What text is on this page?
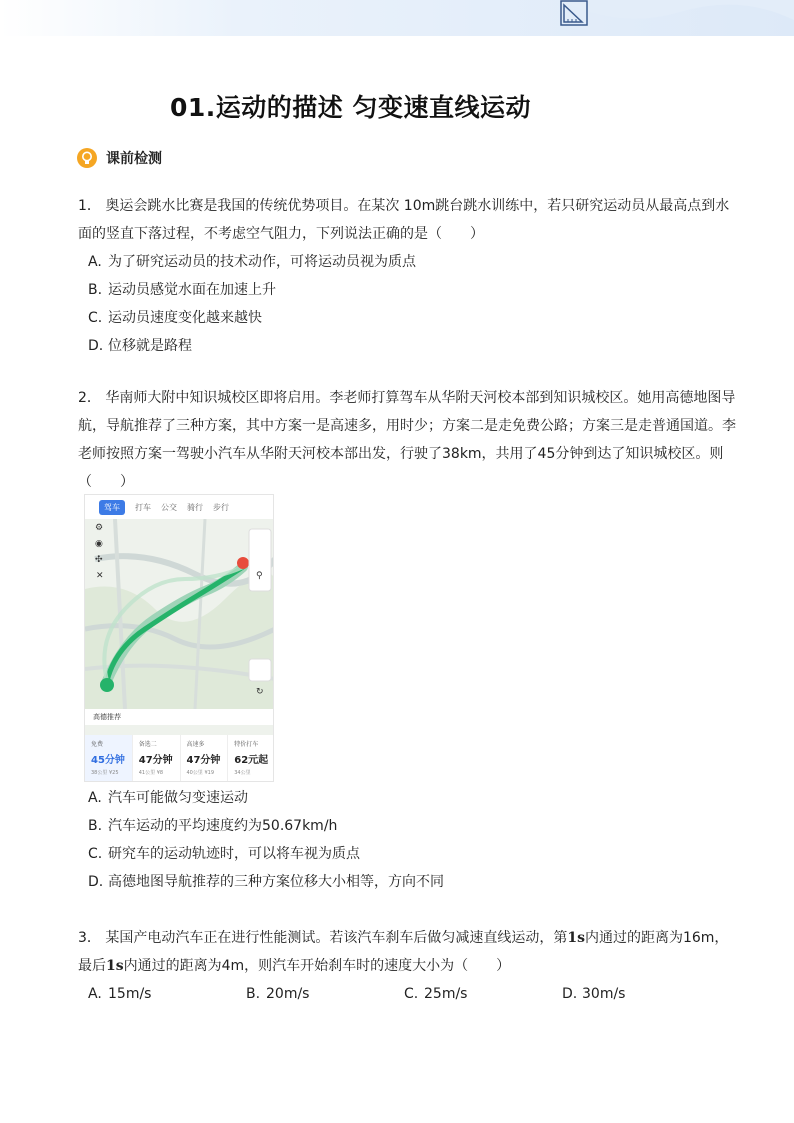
01.运动的描述 匀变速直线运动
课前检测
1． 奥运会跳水比赛是我国的传统优势项目。在某次 10m跳台跳水训练中，若只研究运动员从最高点到水面的竖直下落过程，不考虑空气阻力，下列说法正确的是（　　）
A. 为了研究运动员的技术动作，可将运动员视为质点
B. 运动员感觉水面在加速上升
C. 运动员速度变化越来越快
D. 位移就是路程
2． 华南师大附中知识城校区即将启用。李老师打算驾车从华附天河校本部到知识城校区。她用高德地图导航，导航推荐了三种方案，其中方案一是高速多，用时少；方案二是走免费公路；方案三是走普通国道。李老师按照方案一驾驶小汽车从华附天河校本部出发，行驶了38km，共用了45分钟到达了知识城校区。则（　　）
驾车	打车 公交 骑行 步行
⚙
◉
✣
✕	⚲
↻
高德推荐
免费
45分钟
38公里 ¥25
备选二
47分钟
41公里 ¥8
高速多
47分钟
40公里 ¥19
特价打车
62元起
34公里
A. 汽车可能做匀变速运动
B. 汽车运动的平均速度约为50.67km/h
C. 研究车的运动轨迹时，可以将车视为质点
D. 高德地图导航推荐的三种方案位移大小相等，方向不同
3． 某国产电动汽车正在进行性能测试。若该汽车刹车后做匀减速直线运动，第1s内通过的距离为16m，最后1s内通过的距离为4m，则汽车开始刹车时的速度大小为（　　）
A. 15m/s	B. 20m/s	C. 25m/s	D. 30m/s
